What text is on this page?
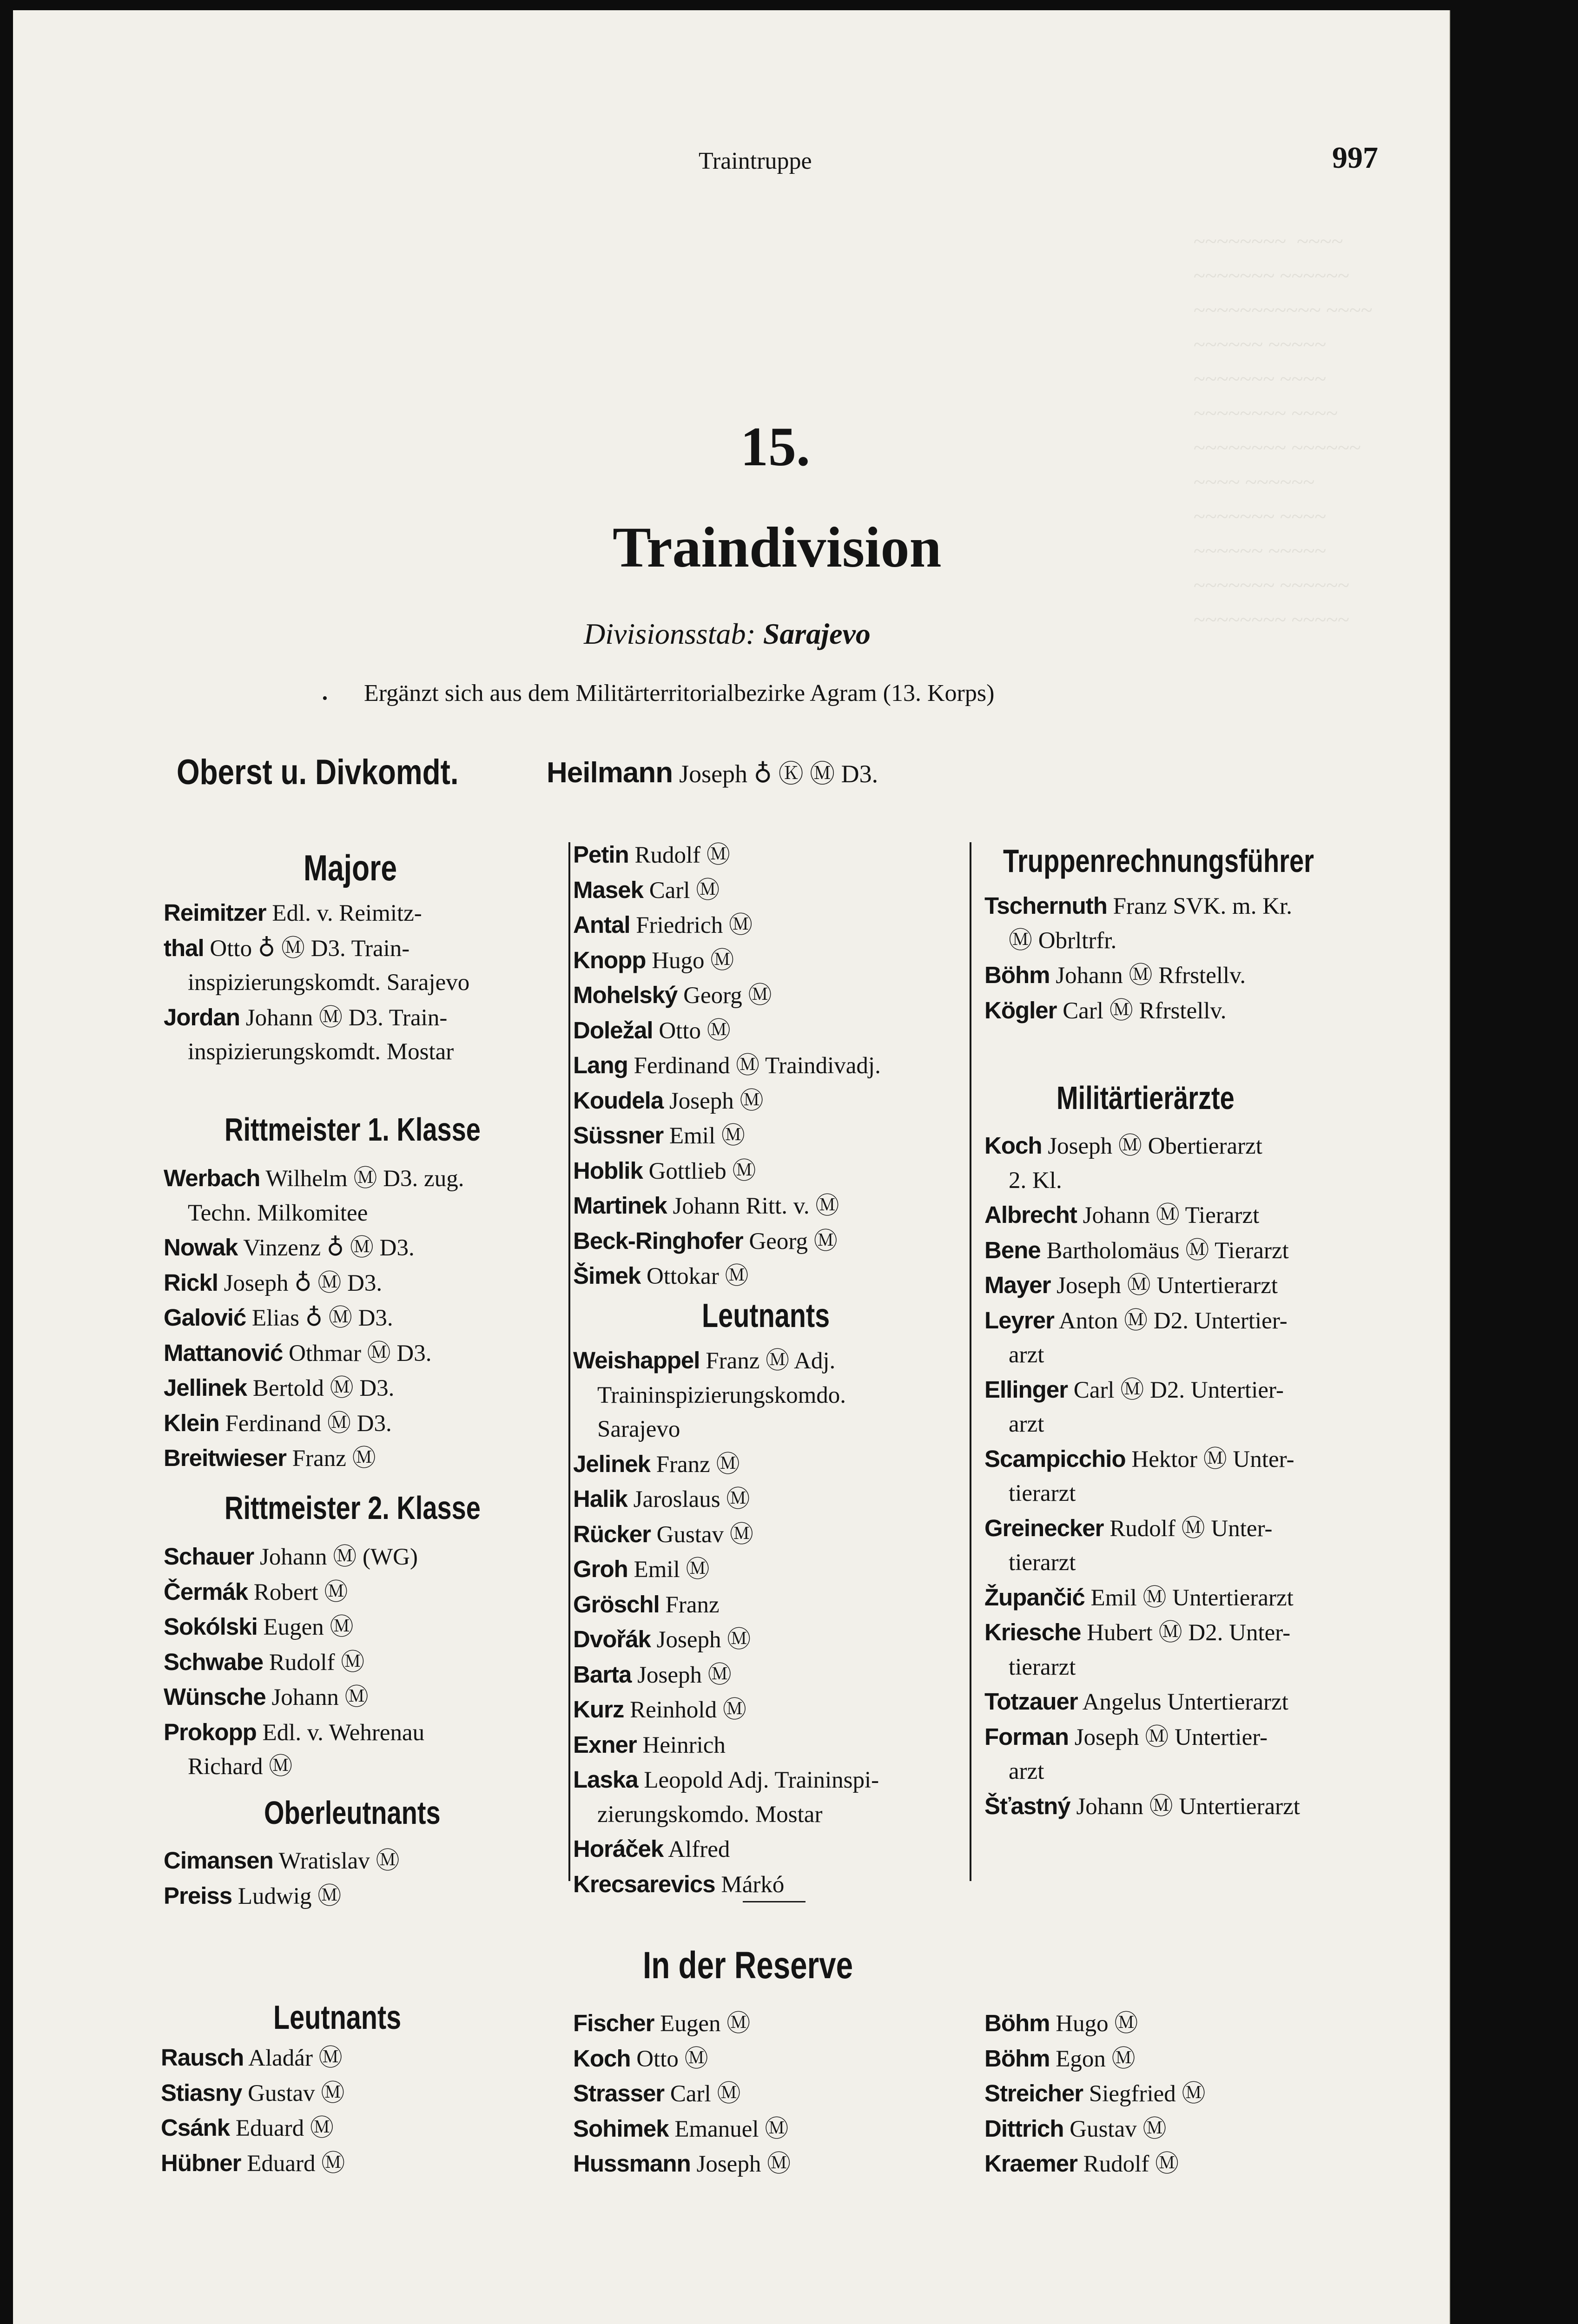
~~~~~~~~  ~~~~
~~~~~~~ ~~~~~~
~~~~~~~~~~~ ~~~~
~~~~~~ ~~~~~
~~~~~~~ ~~~~
~~~~~~~~ ~~~~
~~~~~~~~ ~~~~~~
~~~~ ~~~~~~
~~~~~~~ ~~~~
~~~~~~ ~~~~~
~~~~~~~ ~~~~~~
~~~~~~~~ ~~~~~
Traintruppe	997
15.
Traindivision
Divisionsstab: Sarajevo
• Ergänzt sich aus dem Militärterritorialbezirke Agram (13. Korps)
Oberst u. Divkomdt.	Heilmann Joseph ♁ Ⓚ Ⓜ D3.
Majore
Reimitzer Edl. v. Reimitz-
thal Otto ♁ Ⓜ D3. Train-
inspizierungskomdt. Sarajevo
Jordan Johann Ⓜ D3. Train-
inspizierungskomdt. Mostar
Rittmeister 1. Klasse
Werbach Wilhelm Ⓜ D3. zug.
Techn. Milkomitee
Nowak Vinzenz ♁ Ⓜ D3.
Rickl Joseph ♁ Ⓜ D3.
Galović Elias ♁ Ⓜ D3.
Mattanović Othmar Ⓜ D3.
Jellinek Bertold Ⓜ D3.
Klein Ferdinand Ⓜ D3.
Breitwieser Franz Ⓜ
Rittmeister 2. Klasse
Schauer Johann Ⓜ (WG)
Čermák Robert Ⓜ
Sokólski Eugen Ⓜ
Schwabe Rudolf Ⓜ
Wünsche Johann Ⓜ
Prokopp Edl. v. Wehrenau
Richard Ⓜ
Oberleutnants
Cimansen Wratislav Ⓜ
Preiss Ludwig Ⓜ
Leutnants
Rausch Aladár Ⓜ
Stiasny Gustav Ⓜ
Csánk Eduard Ⓜ
Hübner Eduard Ⓜ
Petin Rudolf Ⓜ
Masek Carl Ⓜ
Antal Friedrich Ⓜ
Knopp Hugo Ⓜ
Mohelský Georg Ⓜ
Doležal Otto Ⓜ
Lang Ferdinand Ⓜ Traindivadj.
Koudela Joseph Ⓜ
Süssner Emil Ⓜ
Hoblik Gottlieb Ⓜ
Martinek Johann Ritt. v. Ⓜ
Beck-Ringhofer Georg Ⓜ
Šimek Ottokar Ⓜ
Leutnants
Weishappel Franz Ⓜ Adj.
Traininspizierungskomdo.
Sarajevo
Jelinek Franz Ⓜ
Halik Jaroslaus Ⓜ
Rücker Gustav Ⓜ
Groh Emil Ⓜ
Gröschl Franz
Dvořák Joseph Ⓜ
Barta Joseph Ⓜ
Kurz Reinhold Ⓜ
Exner Heinrich
Laska Leopold Adj. Traininspi-
zierungskomdo. Mostar
Horáček Alfred
Krecsarevics Márkó
Truppenrechnungsführer
Tschernuth Franz SVK. m. Kr.
Ⓜ Obrltrfr.
Böhm Johann Ⓜ Rfrstellv.
Kögler Carl Ⓜ Rfrstellv.
Militärtierärzte
Koch Joseph Ⓜ Obertierarzt
2. Kl.
Albrecht Johann Ⓜ Tierarzt
Bene Bartholomäus Ⓜ Tierarzt
Mayer Joseph Ⓜ Untertierarzt
Leyrer Anton Ⓜ D2. Untertier-
arzt
Ellinger Carl Ⓜ D2. Untertier-
arzt
Scampicchio Hektor Ⓜ Unter-
tierarzt
Greinecker Rudolf Ⓜ Unter-
tierarzt
Župančić Emil Ⓜ Untertierarzt
Kriesche Hubert Ⓜ D2. Unter-
tierarzt
Totzauer Angelus Untertierarzt
Forman Joseph Ⓜ Untertier-
arzt
Šťastný Johann Ⓜ Untertierarzt
In der Reserve
Fischer Eugen Ⓜ
Koch Otto Ⓜ
Strasser Carl Ⓜ
Sohimek Emanuel Ⓜ
Hussmann Joseph Ⓜ
Böhm Hugo Ⓜ
Böhm Egon Ⓜ
Streicher Siegfried Ⓜ
Dittrich Gustav Ⓜ
Kraemer Rudolf Ⓜ
